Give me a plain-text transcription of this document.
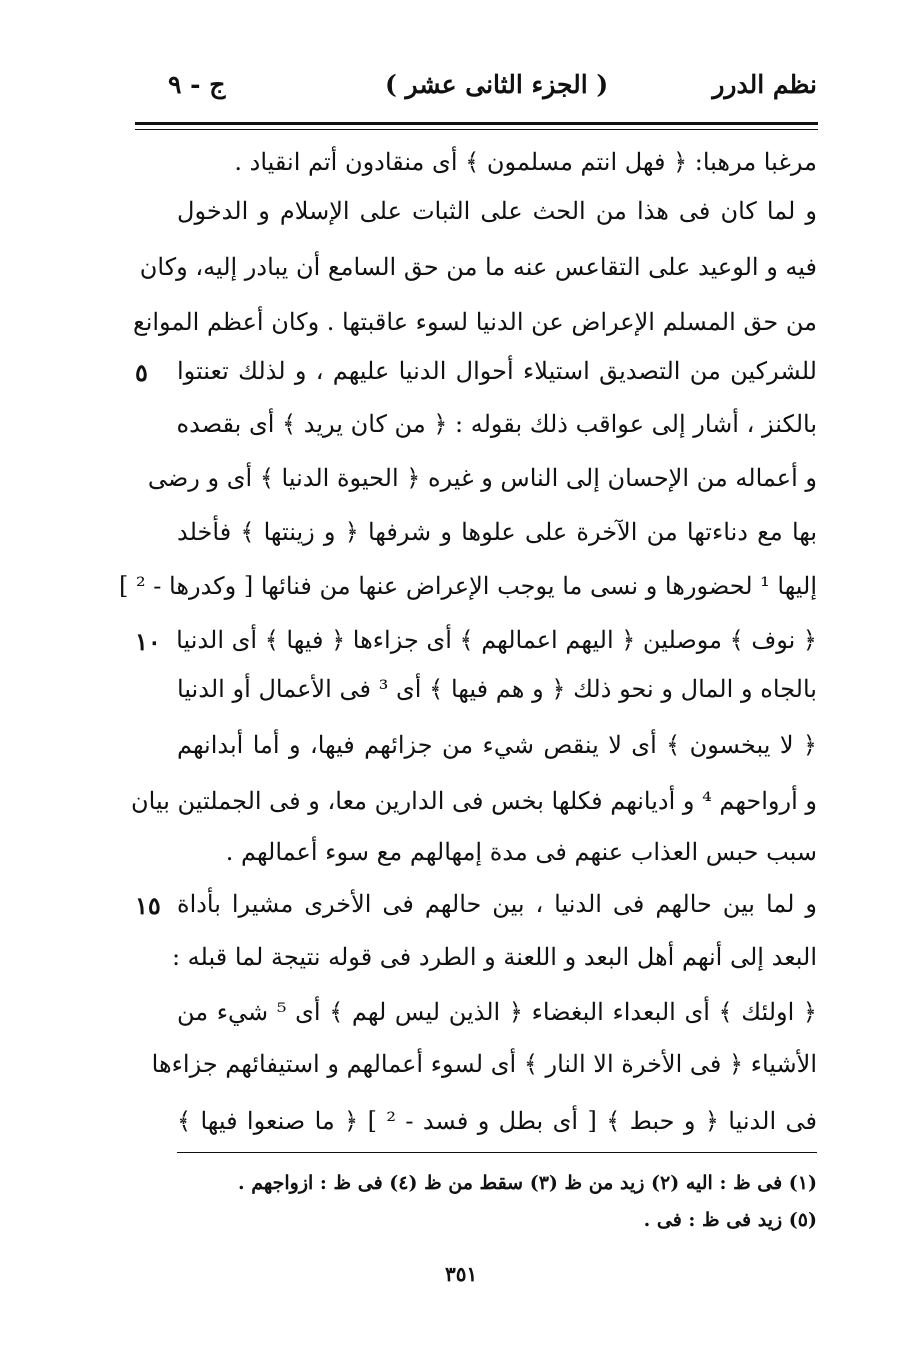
نظم الدرر
( الجزء الثانى عشر )
ج - ٩
مرغبا مرهبا: ﴿ فهل انتم مسلمون ﴾ أى منقادون أتم انقياد .
و لما كان فى هذا من الحث على الثبات على الإسلام و الدخول
فيه و الوعيد على التقاعس عنه ما من حق السامع أن يبادر إليه، وكان
من حق المسلم الإعراض عن الدنيا لسوء عاقبتها . وكان أعظم الموانع
للشركين من التصديق استيلاء أحوال الدنيا عليهم ، و لذلك تعنتوا
بالكنز ، أشار إلى عواقب ذلك بقوله : ﴿ من كان يريد ﴾ أى بقصده
و أعماله من الإحسان إلى الناس و غيره ﴿ الحيوة الدنيا ﴾ أى و رضى
بها مع دناءتها من الآخرة على علوها و شرفها ﴿ و زينتها ﴾ فأخلد
إليها ¹ لحضورها و نسى ما يوجب الإعراض عنها من فنائها [ وكدرها - ² ]
﴿ نوف ﴾ موصلين ﴿ اليهم اعمالهم ﴾ أى جزاءها ﴿ فيها ﴾ أى الدنيا
بالجاه و المال و نحو ذلك ﴿ و هم فيها ﴾ أى ³ فى الأعمال أو الدنيا
﴿ لا يبخسون ﴾ أى لا ينقص شيء من جزائهم فيها، و أما أبدانهم
و أرواحهم ⁴ و أديانهم فكلها بخس فى الدارين معا، و فى الجملتين بيان
سبب حبس العذاب عنهم فى مدة إمهالهم مع سوء أعمالهم .
و لما بين حالهم فى الدنيا ، بين حالهم فى الأخرى مشيرا بأداة
البعد إلى أنهم أهل البعد و اللعنة و الطرد فى قوله نتيجة لما قبله :
﴿ اولئك ﴾ أى البعداء البغضاء ﴿ الذين ليس لهم ﴾ أى ⁵ شيء من
الأشياء ﴿ فى الأخرة الا النار ﴾ أى لسوء أعمالهم و استيفائهم جزاءها
فى الدنيا ﴿ و حبط ﴾ [ أى بطل و فسد - ² ] ﴿ ما صنعوا فيها ﴾
٥
١٠
١٥
(١) فى ظ : اليه (٢) زيد من ظ (٣) سقط من ظ (٤) فى ظ : ازواجهم .
(٥) زيد فى ظ : فى .
٣٥١
